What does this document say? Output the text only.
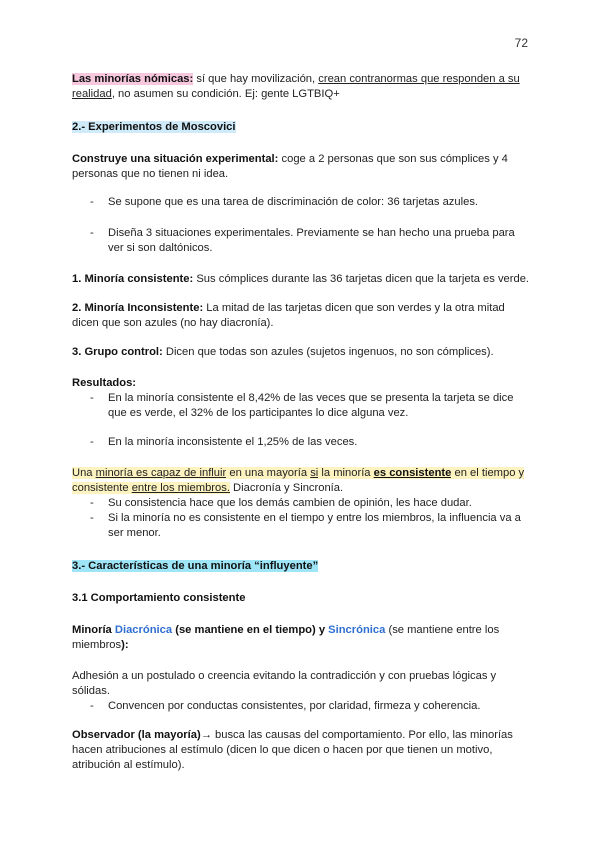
72

Las minorías nómicas: sí que hay movilización, crean contranormas que responden a su realidad, no asumen su condición. Ej: gente LGTBIQ+

2.- Experimentos de Moscovici

Construye una situación experimental: coge a 2 personas que son sus cómplices y 4 personas que no tienen ni idea.

- Se supone que es una tarea de discriminación de color: 36 tarjetas azules.
- Diseña 3 situaciones experimentales. Previamente se han hecho una prueba para ver si son daltónicos.

1. Minoría consistente: Sus cómplices durante las 36 tarjetas dicen que la tarjeta es verde.

2. Minoría Inconsistente: La mitad de las tarjetas dicen que son verdes y la otra mitad dicen que son azules (no hay diacronía).

3. Grupo control: Dicen que todas son azules (sujetos ingenuos, no son cómplices).

Resultados:

- En la minoría consistente el 8,42% de las veces que se presenta la tarjeta se dice que es verde, el 32% de los participantes lo dice alguna vez.
- En la minoría inconsistente el 1,25% de las veces.

Una minoría es capaz de influir en una mayoría si la minoría es consistente en el tiempo y consistente entre los miembros. Diacronía y Sincronía.

- Su consistencia hace que los demás cambien de opinión, les hace dudar.
- Si la minoría no es consistente en el tiempo y entre los miembros, la influencia va a ser menor.

3.- Características de una minoría “influyente”

3.1 Comportamiento consistente

Minoría Diacrónica (se mantiene en el tiempo) y Sincrónica (se mantiene entre los miembros):

Adhesión a un postulado o creencia evitando la contradicción y con pruebas lógicas y sólidas.

- Convencen por conductas consistentes, por claridad, firmeza y coherencia.

Observador (la mayoría)→ busca las causas del comportamiento. Por ello, las minorías hacen atribuciones al estímulo (dicen lo que dicen o hacen por que tienen un motivo, atribución al estímulo).
